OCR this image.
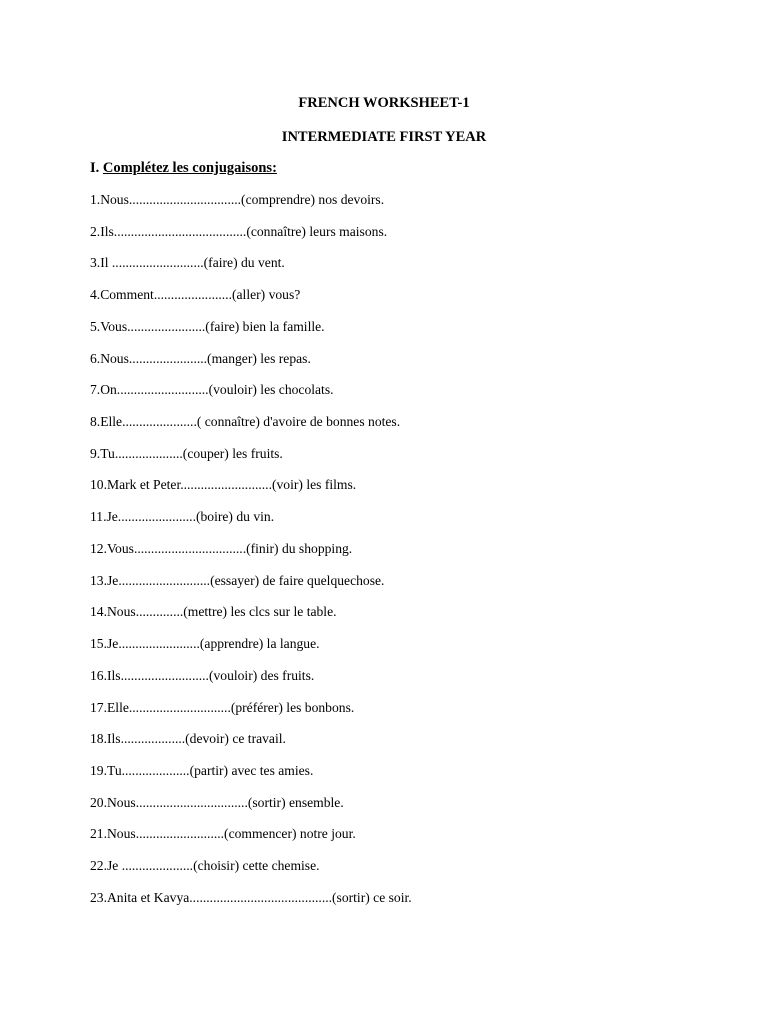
FRENCH WORKSHEET-1
INTERMEDIATE FIRST YEAR
I. Complétez les conjugaisons:
1.Nous.................................(comprendre) nos devoirs.
2.Ils.......................................(connaître) leurs maisons.
3.Il ...........................(faire) du vent.
4.Comment.......................(aller) vous?
5.Vous.......................(faire) bien la famille.
6.Nous.......................(manger) les repas.
7.On...........................(vouloir) les chocolats.
8.Elle......................( connaître) d'avoire de bonnes notes.
9.Tu....................(couper) les fruits.
10.Mark et Peter...........................(voir) les films.
11.Je.......................(boire) du vin.
12.Vous.................................(finir) du shopping.
13.Je...........................(essayer) de faire quelquechose.
14.Nous..............(mettre) les clcs sur le table.
15.Je........................(apprendre) la langue.
16.Ils..........................(vouloir) des fruits.
17.Elle..............................(préférer) les bonbons.
18.Ils...................(devoir) ce travail.
19.Tu....................(partir) avec tes amies.
20.Nous.................................(sortir) ensemble.
21.Nous..........................(commencer) notre jour.
22.Je .....................(choisir) cette chemise.
23.Anita et Kavya..........................................(sortir) ce soir.
